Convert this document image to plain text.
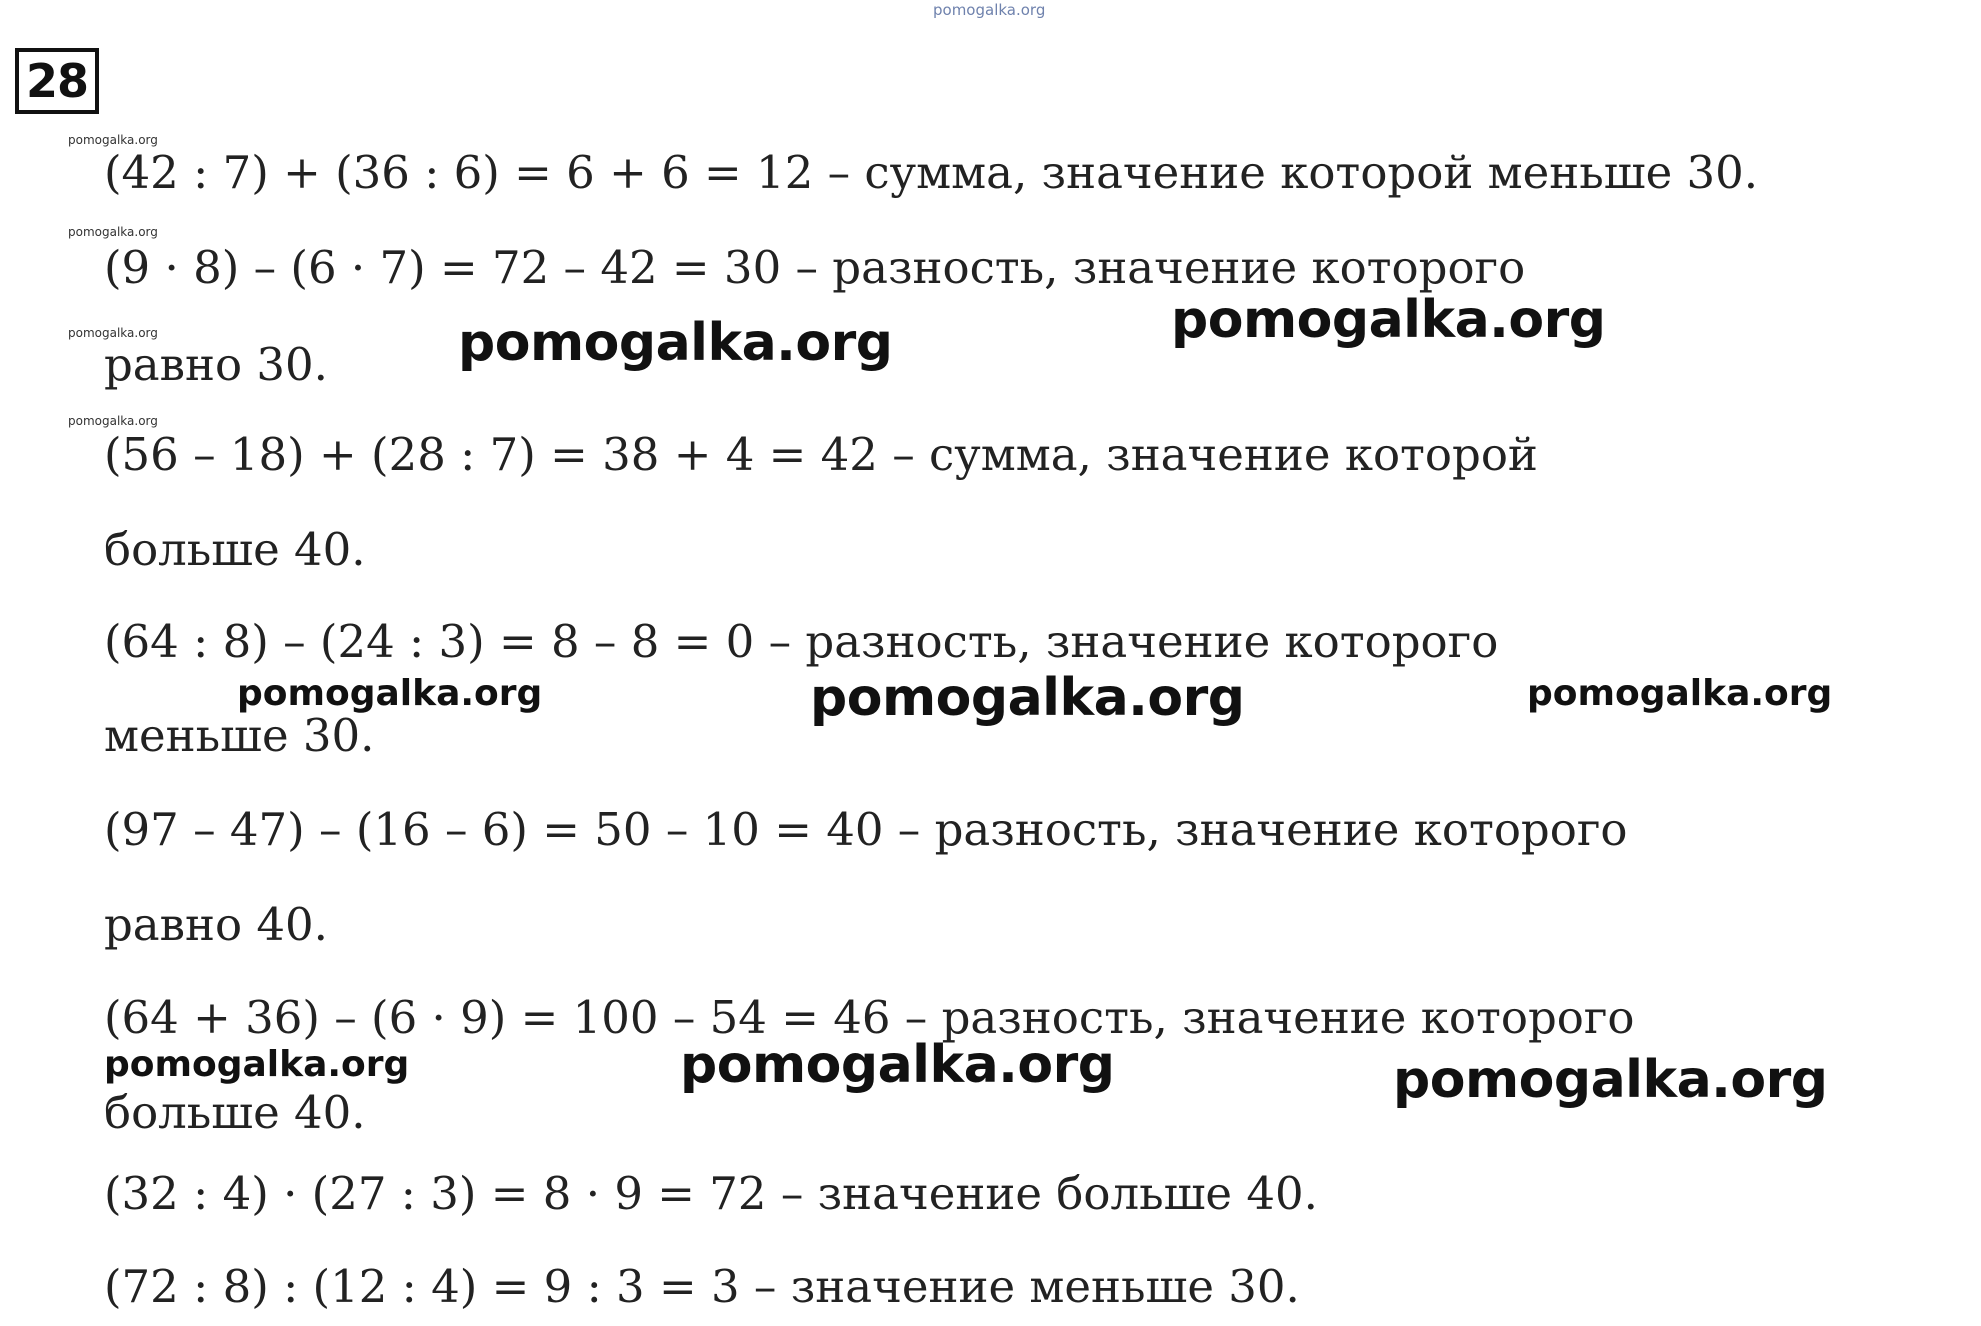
pomogalka.org
28
pomogalka.org
pomogalka.org
pomogalka.org
pomogalka.org
(42 : 7) + (36 : 6) = 6 + 6 = 12 – сумма, значение которой меньше 30.
(9 · 8) – (6 · 7) = 72 – 42 = 30 – разность, значение которого
равно 30.
(56 – 18) + (28 : 7) = 38 + 4 = 42 – сумма, значение которой
больше 40.
(64 : 8) – (24 : 3) = 8 – 8 = 0 – разность, значение которого
меньше 30.
(97 – 47) – (16 – 6) = 50 – 10 = 40 – разность, значение которого
равно 40.
(64 + 36) – (6 · 9) = 100 – 54 = 46 – разность, значение которого
больше 40.
(32 : 4) · (27 : 3) = 8 · 9 = 72 – значение больше 40.
(72 : 8) : (12 : 4) = 9 : 3 = 3 – значение меньше 30.
pomogalka.org	pomogalka.org
pomogalka.org
pomogalka.org	pomogalka.org
pomogalka.org	pomogalka.org
pomogalka.org
